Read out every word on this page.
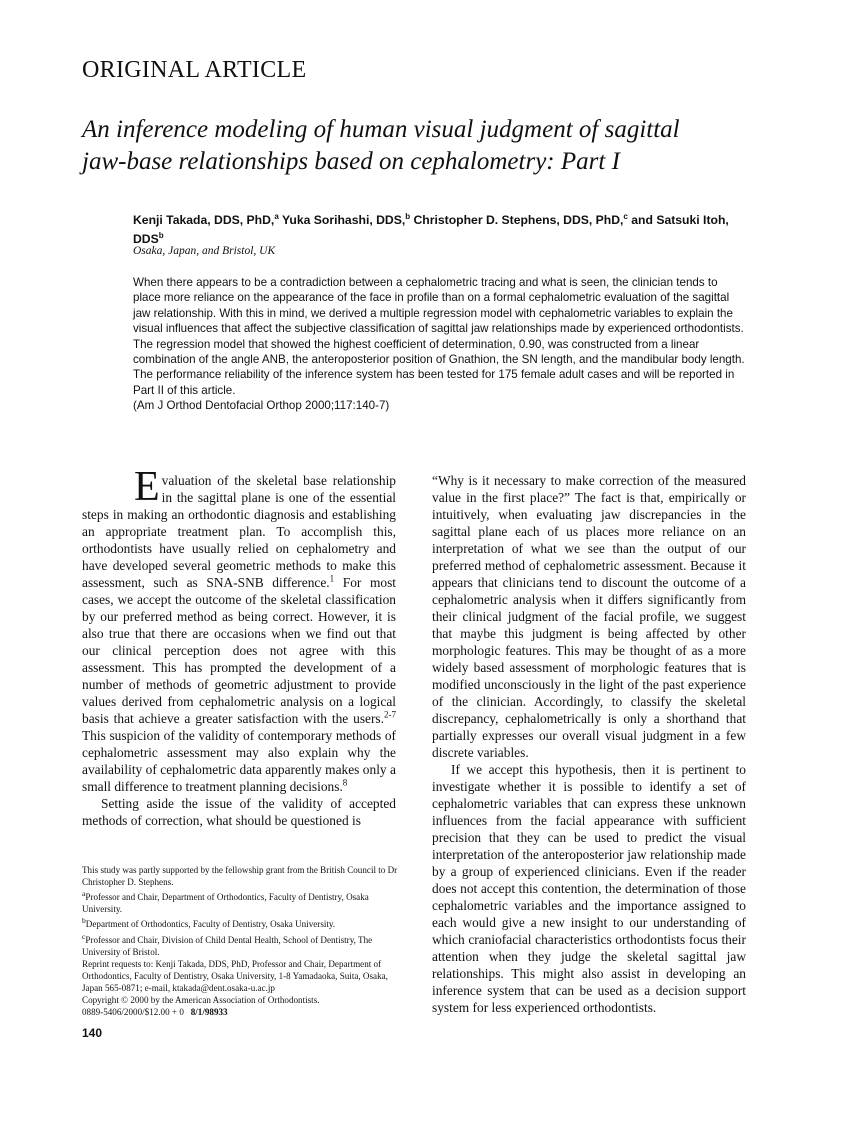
ORIGINAL ARTICLE
An inference modeling of human visual judgment of sagittal
jaw-base relationships based on cephalometry: Part I
Kenji Takada, DDS, PhD,$^a$ Yuka Sorihashi, DDS,$^b$ Christopher D. Stephens, DDS, PhD,$^c$ and Satsuki Itoh, DDS$^b$
Osaka, Japan, and Bristol, UK
When there appears to be a contradiction between a cephalometric tracing and what is seen, the clinician tends to place more reliance on the appearance of the face in profile than on a formal cephalometric evaluation of the sagittal jaw relationship. With this in mind, we derived a multiple regression model with cephalometric variables to explain the visual influences that affect the subjective classification of sagittal jaw relationships made by experienced orthodontists. The regression model that showed the highest coefficient of determination, 0.90, was constructed from a linear combination of the angle ANB, the anteroposterior position of Gnathion, the SN length, and the mandibular body length. The performance reliability of the inference system has been tested for 175 female adult cases and will be reported in Part II of this article.
(Am J Orthod Dentofacial Orthop 2000;117:140-7)

Evaluation of the skeletal base relationship in the sagittal plane is one of the essential steps in making an orthodontic diagnosis and establishing an appropriate treatment plan. To accomplish this, orthodontists have usually relied on cephalometry and have developed several geometric methods to make this assessment, such as SNA-SNB difference.$^1$ For most cases, we accept the outcome of the skeletal classification by our preferred method as being correct. However, it is also true that there are occasions when we find out that our clinical perception does not agree with this assessment. This has prompted the development of a number of methods of geometric adjustment to provide values derived from cephalometric analysis on a logical basis that achieve a greater satisfaction with the users.$^{2-7}$ This suspicion of the validity of contemporary methods of cephalometric assessment may also explain why the availability of cephalometric data apparently makes only a small difference to treatment planning decisions.$^8$

Setting aside the issue of the validity of accepted methods of correction, what should be questioned is

“Why is it necessary to make correction of the measured value in the first place?” The fact is that, empirically or intuitively, when evaluating jaw discrepancies in the sagittal plane each of us places more reliance on an interpretation of what we see than the output of our preferred method of cephalometric assessment. Because it appears that clinicians tend to discount the outcome of a cephalometric analysis when it differs significantly from their clinical judgment of the facial profile, we suggest that maybe this judgment is being affected by other morphologic features. This may be thought of as a more widely based assessment of morphologic features that is modified unconsciously in the light of the past experience of the clinician. Accordingly, to classify the skeletal discrepancy, cephalometrically is only a shorthand that partially expresses our overall visual judgment in a few discrete variables.

If we accept this hypothesis, then it is pertinent to investigate whether it is possible to identify a set of cephalometric variables that can express these unknown influences from the facial appearance with sufficient precision that they can be used to predict the visual interpretation of the anteroposterior jaw relationship made by a group of experienced clinicians. Even if the reader does not accept this contention, the determination of those cephalometric variables and the importance assigned to each would give a new insight to our understanding of which craniofacial characteristics orthodontists focus their attention when they judge the skeletal sagittal jaw relationships. This might also assist in developing an inference system that can be used as a decision support system for less experienced orthodontists.

This study was partly supported by the fellowship grant from the British Council to Dr Christopher D. Stephens.

$^a$Professor and Chair, Department of Orthodontics, Faculty of Dentistry, Osaka University.

$^b$Department of Orthodontics, Faculty of Dentistry, Osaka University.

$^c$Professor and Chair, Division of Child Dental Health, School of Dentistry, The University of Bristol.

Reprint requests to: Kenji Takada, DDS, PhD, Professor and Chair, Department of Orthodontics, Faculty of Dentistry, Osaka University, 1-8 Yamadaoka, Suita, Osaka, Japan 565-0871; e-mail, ktakada@dent.osaka-u.ac.jp

Copyright © 2000 by the American Association of Orthodontists.

0889-5406/2000/$12.00 + 0 8/1/98933

140
